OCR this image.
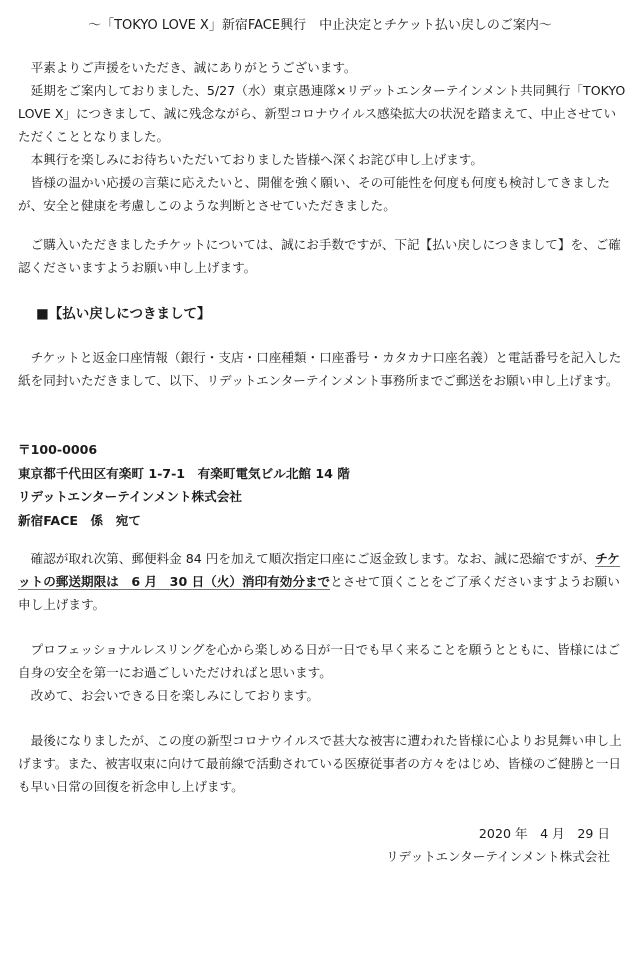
～「TOKYO LOVE X」新宿FACE興行　中止決定とチケット払い戻しのご案内～

　平素よりご声援をいただき、誠にありがとうございます。

　延期をご案内しておりました、5/27（水）東京愚連隊×リデットエンターテインメント共同興行「TOKYO LOVE X」につきまして、誠に残念ながら、新型コロナウイルス感染拡大の状況を踏まえて、中止させていただくこととなりました。

　本興行を楽しみにお待ちいただいておりました皆様へ深くお詫び申し上げます。

　皆様の温かい応援の言葉に応えたいと、開催を強く願い、その可能性を何度も何度も検討してきましたが、安全と健康を考慮しこのような判断とさせていただきました。

　ご購入いただきましたチケットについては、誠にお手数ですが、下記【払い戻しにつきまして】を、ご確認くださいますようお願い申し上げます。

■【払い戻しにつきまして】

　チケットと返金口座情報（銀行・支店・口座種類・口座番号・カタカナ口座名義）と電話番号を記入した紙を同封いただきまして、以下、リデットエンターテインメント事務所までご郵送をお願い申し上げます。

〒100-0006
東京都千代田区有楽町 1-7-1　有楽町電気ビル北館 14 階
リデットエンターテインメント株式会社
新宿FACE　係　宛て

　確認が取れ次第、郵便料金 84 円を加えて順次指定口座にご返金致します。なお、誠に恐縮ですが、チケットの郵送期限は　6 月　30 日（火）消印有効分までとさせて頂くことをご了承くださいますようお願い申し上げます。

　プロフェッショナルレスリングを心から楽しめる日が一日でも早く来ることを願うとともに、皆様にはご自身の安全を第一にお過ごしいただければと思います。

　改めて、お会いできる日を楽しみにしております。

　最後になりましたが、この度の新型コロナウイルスで甚大な被害に遭われた皆様に心よりお見舞い申し上げます。また、被害収束に向けて最前線で活動されている医療従事者の方々をはじめ、皆様のご健勝と一日も早い日常の回復を祈念申し上げます。

2020 年　4 月　29 日
リデットエンターテインメント株式会社
